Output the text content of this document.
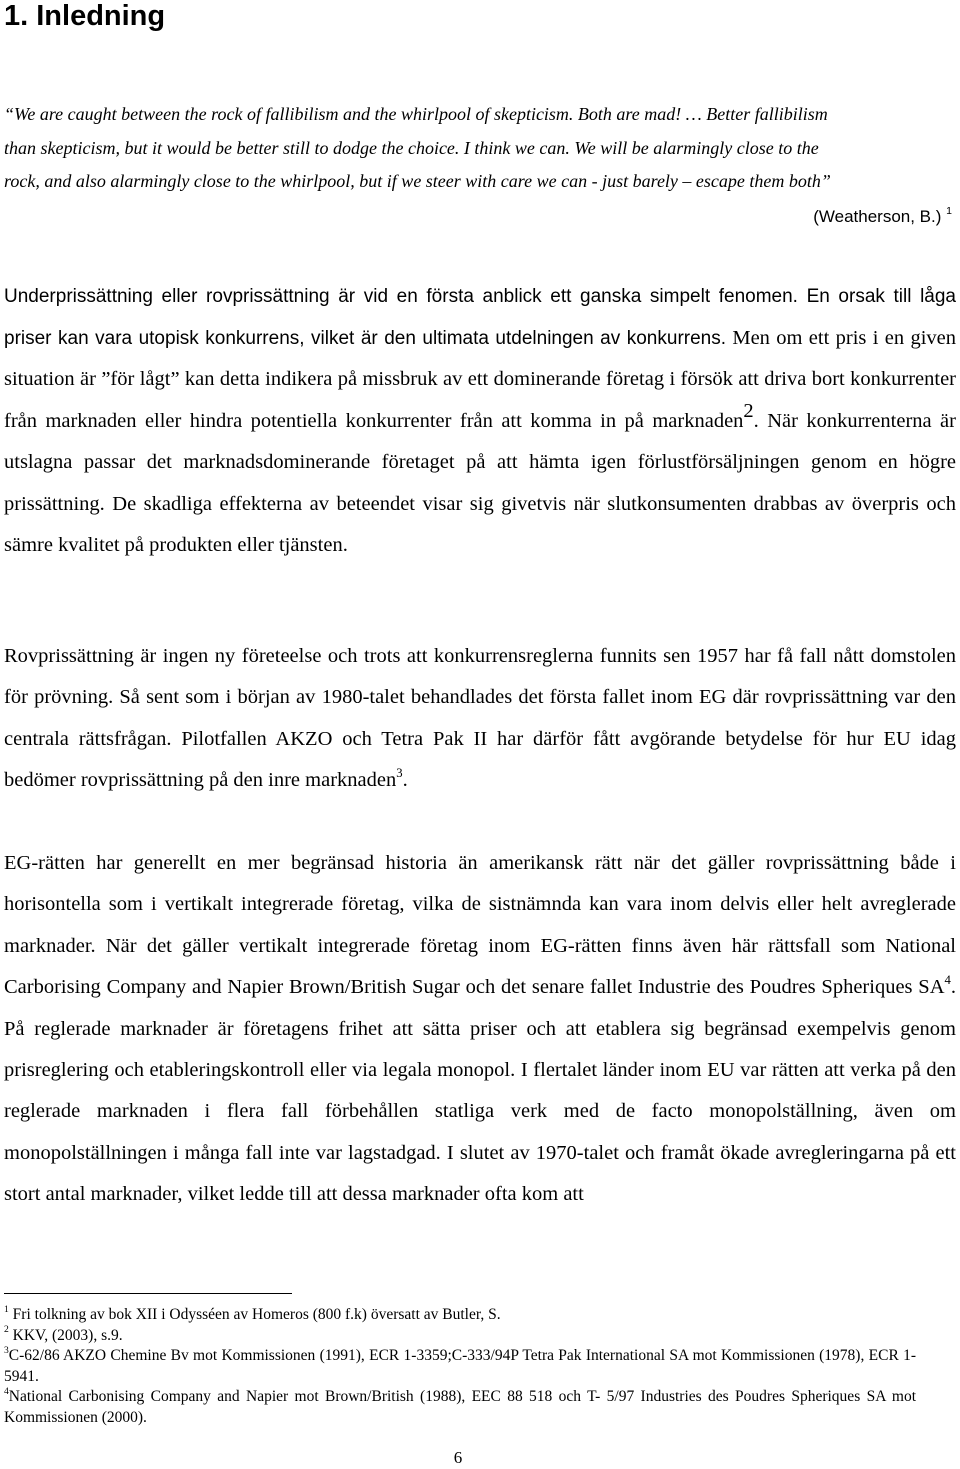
1. Inledning

“We are caught between the rock of fallibilism and the whirlpool of skepticism. Both are mad! … Better fallibilism

than skepticism, but it would be better still to dodge the choice. I think we can. We will be alarmingly close to the

rock, and also alarmingly close to the whirlpool, but if we steer with care we can - just barely – escape them both”

(Weatherson, B.) $^1$

Underprissättning eller rovprissättning är vid en första anblick ett ganska simpelt fenomen. En orsak till låga priser kan vara utopisk konkurrens, vilket är den ultimata utdelningen av konkurrens. Men om ett pris i en given situation är ”för lågt” kan detta indikera på missbruk av ett dominerande företag i försök att driva bort konkurrenter från marknaden eller hindra potentiella konkurrenter från att komma in på marknaden$^2$. När konkurrenterna är utslagna passar det marknadsdominerande företaget på att hämta igen förlustförsäljningen genom en högre prissättning. De skadliga effekterna av beteendet visar sig givetvis när slutkonsumenten drabbas av överpris och sämre kvalitet på produkten eller tjänsten.

Rovprissättning är ingen ny företeelse och trots att konkurrensreglerna funnits sen 1957 har få fall nått domstolen för prövning. Så sent som i början av 1980-talet behandlades det första fallet inom EG där rovprissättning var den centrala rättsfrågan. Pilotfallen AKZO och Tetra Pak II har därför fått avgörande betydelse för hur EU idag bedömer rovprissättning på den inre marknaden$^3$.

EG-rätten har generellt en mer begränsad historia än amerikansk rätt när det gäller rovprissättning både i horisontella som i vertikalt integrerade företag, vilka de sistnämnda kan vara inom delvis eller helt avreglerade marknader. När det gäller vertikalt integrerade företag inom EG-rätten finns även här rättsfall som National Carborising Company and Napier Brown/British Sugar och det senare fallet Industrie des Poudres Spheriques $SA^4$. På reglerade marknader är företagens frihet att sätta priser och att etablera sig begränsad exempelvis genom prisreglering och etableringskontroll eller via legala monopol. I flertalet länder inom EU var rätten att verka på den reglerade marknaden i flera fall förbehållen statliga verk med de facto monopolställning, även om monopolställningen i många fall inte var lagstadgad. I slutet av 1970-talet och framåt ökade avregleringarna på ett stort antal marknader, vilket ledde till att dessa marknader ofta kom att

$^1$ Fri tolkning av bok XII i Odysséen av Homeros (800 f.k) översatt av Butler, S.

$^2$ KKV, (2003), s.9.

$^3$C-62/86 AKZO Chemine Bv mot Kommissionen (1991), ECR 1-3359;C-333/94P Tetra Pak International SA mot Kommissionen (1978), ECR 1-5941.

$^4$National Carbonising Company and Napier mot Brown/British (1988), EEC 88 518 och T- 5/97 Industries des Poudres Spheriques SA mot Kommissionen (2000).

6
